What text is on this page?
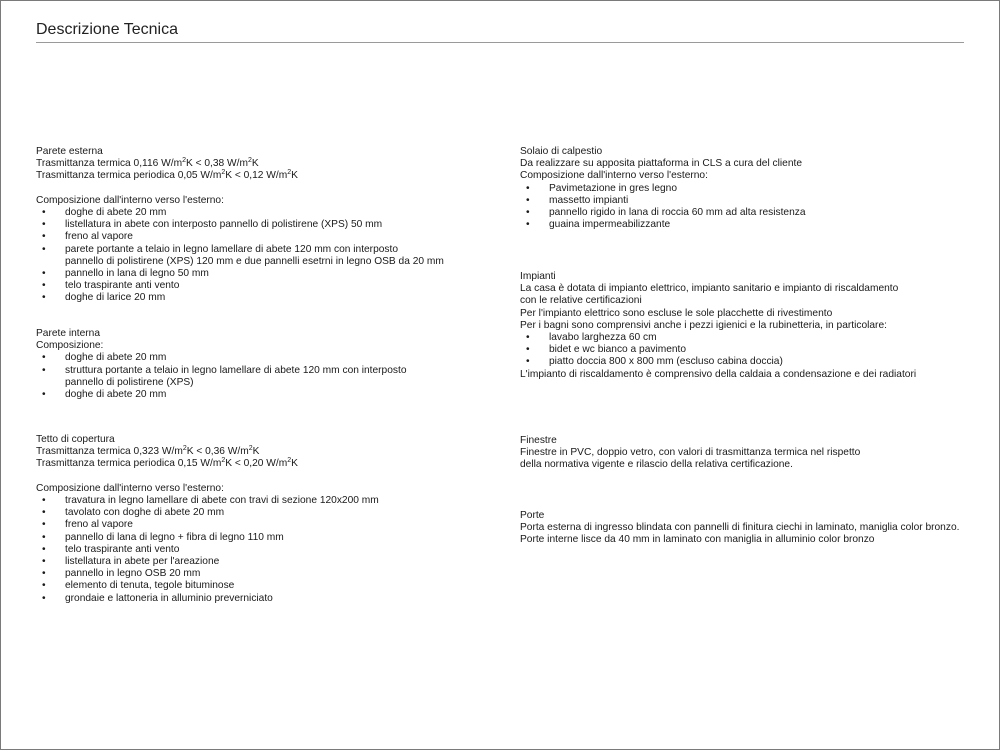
Descrizione Tecnica
Parete esterna
Trasmittanza termica 0,116 $W/m^2K < 0,38$ $W/m^2K$
Trasmittanza termica periodica 0,05 $W/m^2K < 0,12$ $W/m^2K$
Composizione dall'interno verso l'esterno:
• doghe di abete 20 mm
• listellatura in abete con interposto pannello di polistirene (XPS) 50 mm
• freno al vapore
• parete portante a telaio in legno lamellare di abete 120 mm con interposto
pannello di polistirene (XPS) 120 mm e due pannelli esetrni in legno OSB da 20 mm
• pannello in lana di legno 50 mm
• telo traspirante anti vento
• doghe di larice 20 mm
Parete interna
Composizione:
• doghe di abete 20 mm
• struttura portante a telaio in legno lamellare di abete 120 mm con interposto
pannello di polistirene (XPS)
• doghe di abete 20 mm
Tetto di copertura
Trasmittanza termica 0,323 $W/m^2K < 0,36$ $W/m^2K$
Trasmittanza termica periodica 0,15 $W/m^2K < 0,20$ $W/m^2K$
Composizione dall'interno verso l'esterno:
• travatura in legno lamellare di abete con travi di sezione 120x200 mm
• tavolato con doghe di abete 20 mm
• freno al vapore
• pannello di lana di legno + fibra di legno 110 mm
• telo traspirante anti vento
• listellatura in abete per l'areazione
• pannello in legno OSB 20 mm
• elemento di tenuta, tegole bituminose
• grondaie e lattoneria in alluminio preverniciato
Solaio di calpestio
Da realizzare su apposita piattaforma in CLS a cura del cliente
Composizione dall'interno verso l'esterno:
• Pavimetazione in gres legno
• massetto impianti
• pannello rigido in lana di roccia 60 mm ad alta resistenza
• guaina impermeabilizzante
Impianti
La casa è dotata di impianto elettrico, impianto sanitario e impianto di riscaldamento
con le relative certificazioni
Per l'impianto elettrico sono escluse le sole placchette di rivestimento
Per i bagni sono comprensivi anche i pezzi igienici e la rubinetteria, in particolare:
• lavabo larghezza 60 cm
• bidet e wc bianco a pavimento
• piatto doccia 800 x 800 mm (escluso cabina doccia)
L'impianto di riscaldamento è comprensivo della caldaia a condensazione e dei radiatori
Finestre
Finestre in PVC, doppio vetro, con valori di trasmittanza termica nel rispetto
della normativa vigente e rilascio della relativa certificazione.
Porte
Porta esterna di ingresso blindata con pannelli di finitura ciechi in laminato, maniglia color bronzo.
Porte interne lisce da 40 mm in laminato con maniglia in alluminio color bronzo
